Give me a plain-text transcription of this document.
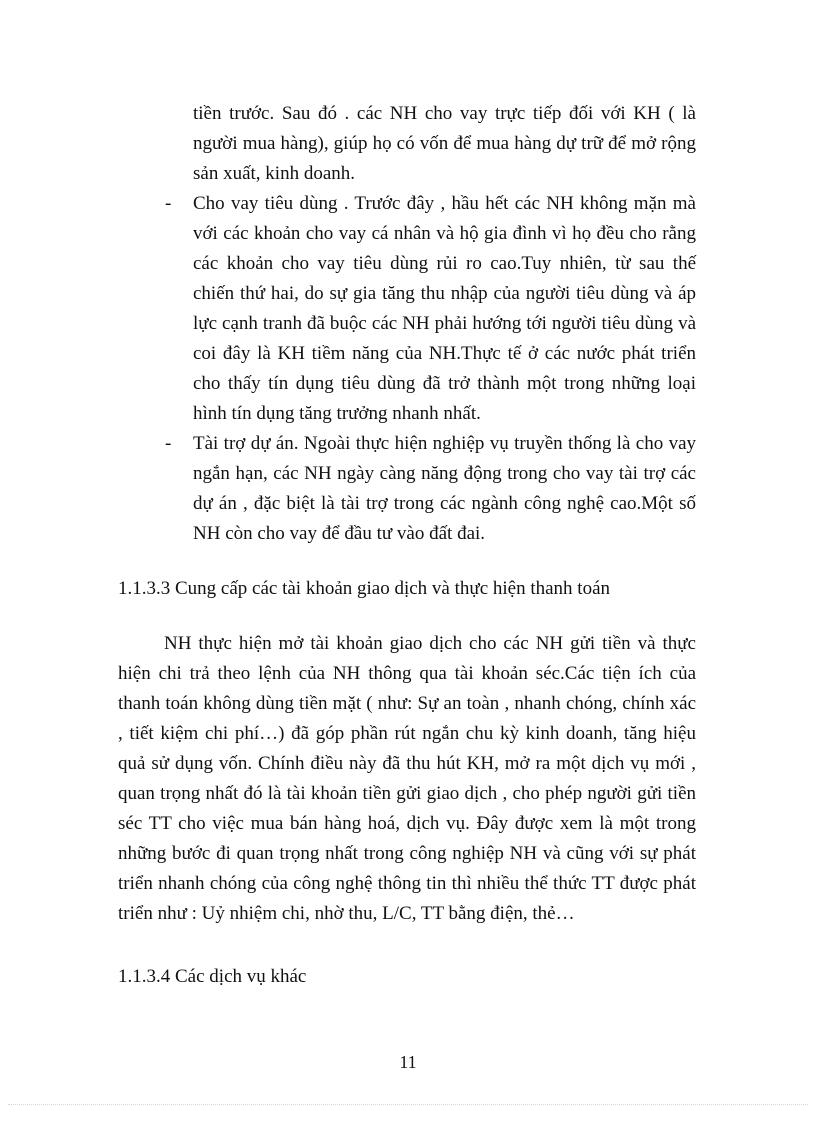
tiền trước. Sau đó . các NH cho vay trực tiếp đối với KH ( là người mua hàng), giúp họ có vốn để mua hàng dự trữ để mở rộng sản xuất, kinh doanh.
- Cho vay tiêu dùng . Trước đây , hầu hết các NH không mặn mà với các khoản cho vay cá nhân và hộ gia đình vì họ đều cho rằng các khoản cho vay tiêu dùng rủi ro cao.Tuy nhiên, từ sau thế chiến thứ hai, do sự gia tăng thu nhập của người tiêu dùng và áp lực cạnh tranh đã buộc các NH phải hướng tới người tiêu dùng và coi đây là KH tiềm năng của NH.Thực tế ở các nước phát triển cho thấy tín dụng tiêu dùng đã trở thành một trong những loại hình tín dụng tăng trưởng nhanh nhất.
- Tài trợ dự án. Ngoài thực hiện nghiệp vụ truyền thống là cho vay ngắn hạn, các NH ngày càng năng động trong cho vay tài trợ các dự án , đặc biệt là tài trợ trong các ngành công nghệ cao.Một số NH còn cho vay để đầu tư vào đất đai.
1.1.3.3 Cung cấp các tài khoản giao dịch và thực hiện thanh toán
NH thực hiện mở tài khoản giao dịch cho các NH gửi tiền và thực hiện chi trả theo lệnh của NH thông qua tài khoản séc.Các tiện ích của thanh toán không dùng tiền mặt ( như: Sự an toàn , nhanh chóng, chính xác , tiết kiệm chi phí…) đã góp phần rút ngắn chu kỳ kinh doanh, tăng hiệu quả sử dụng vốn. Chính điều này đã thu hút KH, mở ra một dịch vụ mới , quan trọng nhất đó là tài khoản tiền gửi giao dịch , cho phép người gửi tiền séc TT cho việc mua bán hàng hoá, dịch vụ. Đây được xem là một trong những bước đi quan trọng nhất trong công nghiệp NH và cũng với sự phát triển nhanh chóng của công nghệ thông tin thì nhiều thể thức TT được phát triển như : Uỷ nhiệm chi, nhờ thu, L/C, TT bằng điện, thẻ…
1.1.3.4 Các dịch vụ khác
11
